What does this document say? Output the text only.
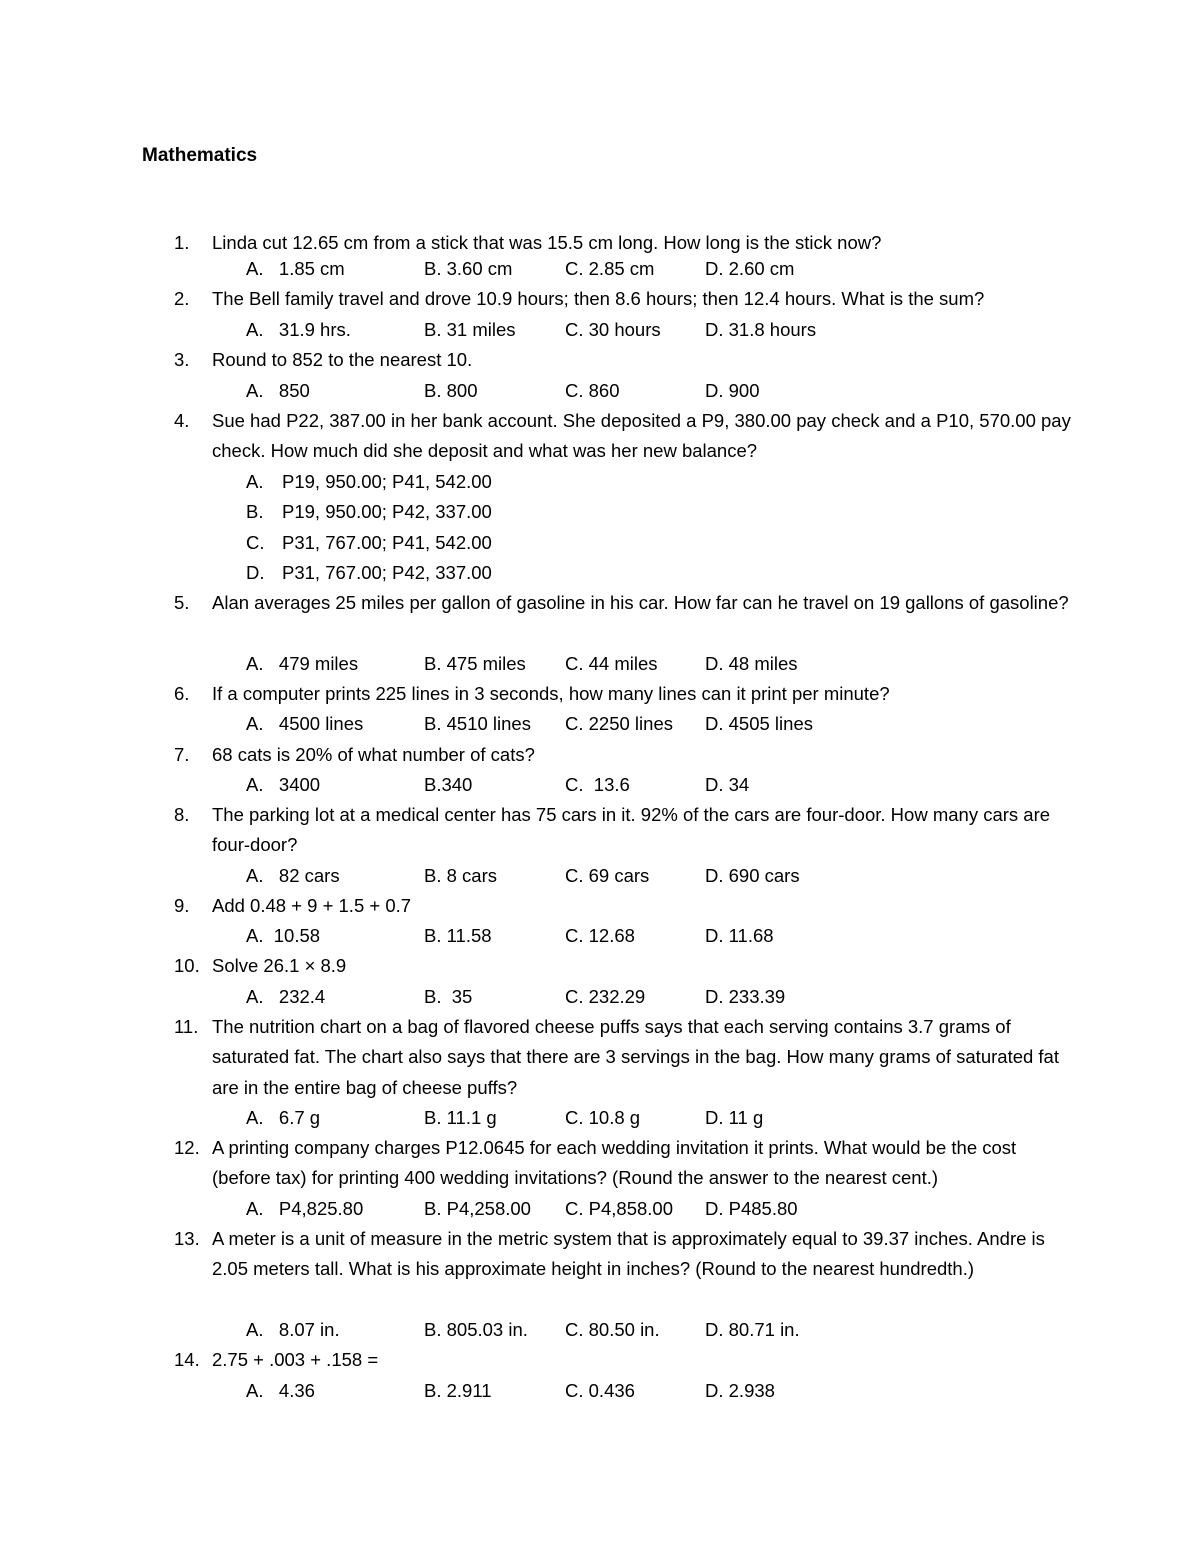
Mathematics
1.	Linda cut 12.65 cm from a stick that was 15.5 cm long. How long is the stick now?
A.   1.85 cm	B. 3.60 cm	C. 2.85 cm	D. 2.60 cm
2.	The Bell family travel and drove 10.9 hours; then 8.6 hours; then 12.4 hours. What is the sum?
A.   31.9 hrs.	B. 31 miles	C. 30 hours D. 31.8 hours
3.	Round to 852 to the nearest 10.
A.   850	B. 800	C. 860	D. 900
4.	Sue had P22, 387.00 in her bank account. She deposited a P9, 380.00 pay check and a P10, 570.00 pay check. How much did she deposit and what was her new balance?
A. P19, 950.00; P41, 542.00
B. P19, 950.00; P42, 337.00
C. P31, 767.00; P41, 542.00
D. P31, 767.00; P42, 337.00
5.	Alan averages 25 miles per gallon of gasoline in his car. How far can he travel on 19 gallons of gasoline?
A.   479 miles	B. 475 miles C. 44 miles	D. 48 miles
6.	If a computer prints 225 lines in 3 seconds, how many lines can it print per minute?
A.   4500 lines	B. 4510 lines C. 2250 lines D. 4505 lines
7.	68 cats is 20% of what number of cats?
A.   3400	B.340	C.  13.6	D. 34
8.	The parking lot at a medical center has 75 cars in it. 92% of the cars are four-door. How many cars are four-door?
A.   82 cars	B. 8 cars	C. 69 cars	D. 690 cars
9.	Add 0.48 + 9 + 1.5 + 0.7
A.  10.58	B. 11.58	C. 12.68	D. 11.68
10. Solve 26.1 × 8.9
A.   232.4	B.  35	C. 232.29	D. 233.39
11. The nutrition chart on a bag of flavored cheese puffs says that each serving contains 3.7 grams of saturated fat. The chart also says that there are 3 servings in the bag. How many grams of saturated fat are in the entire bag of cheese puffs?
A.   6.7 g	B. 11.1 g	C. 10.8 g	D. 11 g
12. A printing company charges P12.0645 for each wedding invitation it prints. What would be the cost (before tax) for printing 400 wedding invitations? (Round the answer to the nearest cent.)
A.   P4,825.80	B. P4,258.00 C. P4,858.00 D. P485.80
13. A meter is a unit of measure in the metric system that is approximately equal to 39.37 inches. Andre is 2.05 meters tall. What is his approximate height in inches? (Round to the nearest hundredth.)
A.   8.07 in.	B. 805.03 in. C. 80.50 in. D. 80.71 in.
14. 2.75 + .003 + .158 =
A.   4.36	B. 2.911	C. 0.436	D. 2.938
